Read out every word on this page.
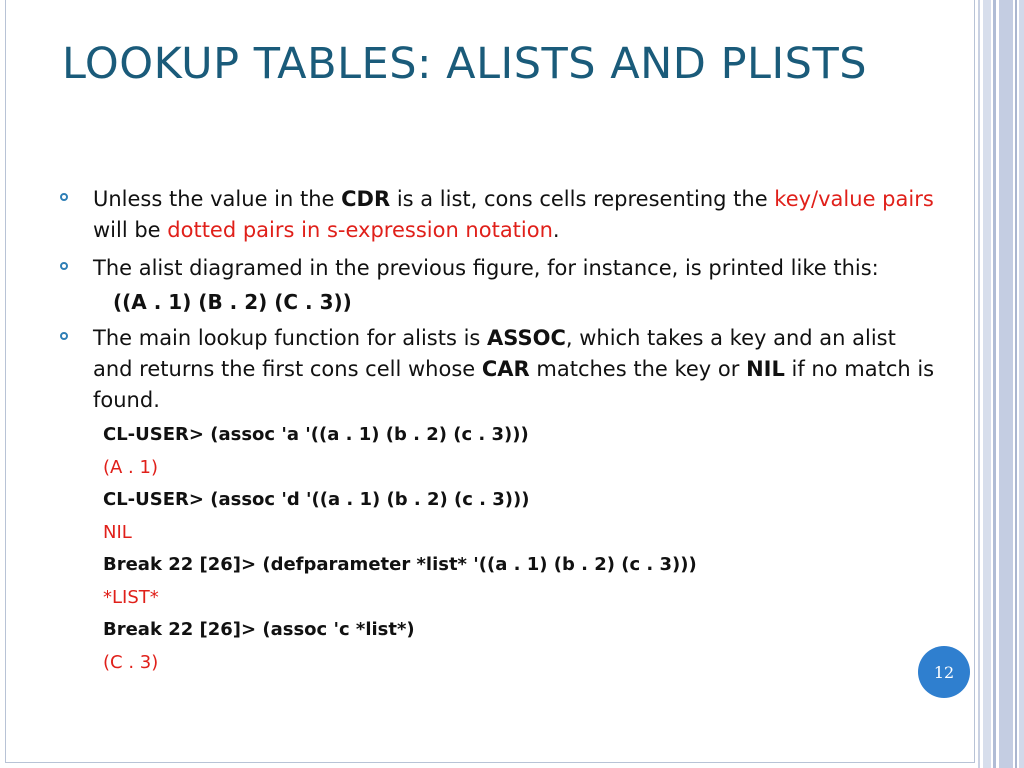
LOOKUP TABLES: ALISTS AND PLISTS
Unless the value in the CDR is a list, cons cells representing the key/value pairs will be dotted pairs in s-expression notation.
The alist diagramed in the previous figure, for instance, is printed like this:
((A . 1) (B . 2) (C . 3))
The main lookup function for alists is ASSOC, which takes a key and an alist and returns the first cons cell whose CAR matches the key or NIL if no match is found.
CL-USER> (assoc 'a '((a . 1) (b . 2) (c . 3)))
(A . 1)
CL-USER> (assoc 'd '((a . 1) (b . 2) (c . 3)))
NIL
Break 22 [26]> (defparameter *list* '((a . 1) (b . 2) (c . 3)))
*LIST*
Break 22 [26]> (assoc 'c *list*)
(C . 3)	12
